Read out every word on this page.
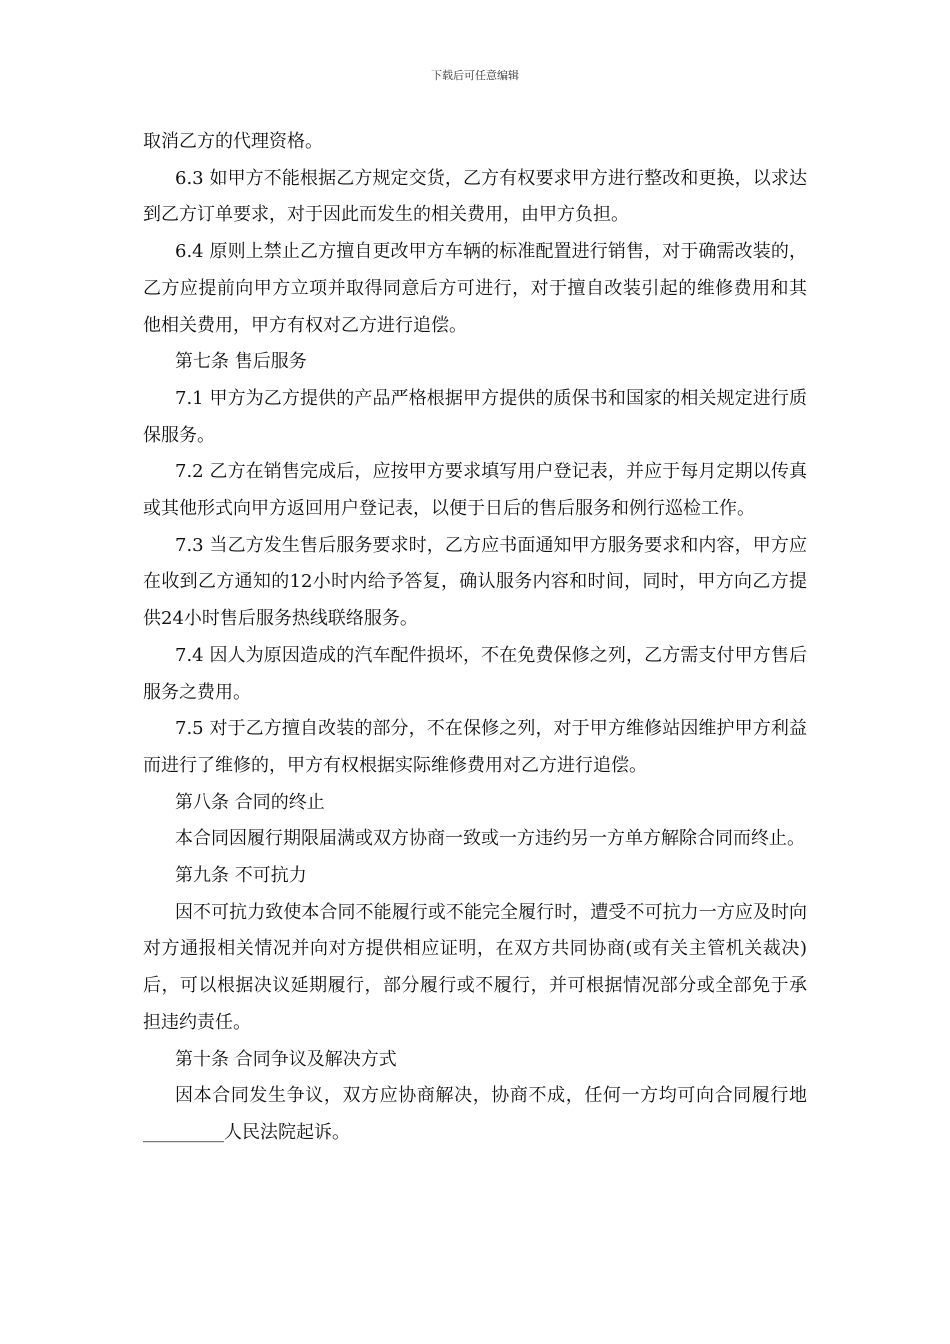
下载后可任意编辑

取消乙方的代理资格。

6.3 如甲方不能根据乙方规定交货，乙方有权要求甲方进行整改和更换，以求达到乙方订单要求，对于因此而发生的相关费用，由甲方负担。

6.4 原则上禁止乙方擅自更改甲方车辆的标准配置进行销售，对于确需改装的，乙方应提前向甲方立项并取得同意后方可进行，对于擅自改装引起的维修费用和其他相关费用，甲方有权对乙方进行追偿。

第七条 售后服务

7.1 甲方为乙方提供的产品严格根据甲方提供的质保书和国家的相关规定进行质保服务。

7.2 乙方在销售完成后，应按甲方要求填写用户登记表，并应于每月定期以传真或其他形式向甲方返回用户登记表，以便于日后的售后服务和例行巡检工作。

7.3 当乙方发生售后服务要求时，乙方应书面通知甲方服务要求和内容，甲方应在收到乙方通知的12小时内给予答复，确认服务内容和时间，同时，甲方向乙方提供24小时售后服务热线联络服务。

7.4 因人为原因造成的汽车配件损坏，不在免费保修之列，乙方需支付甲方售后服务之费用。

7.5 对于乙方擅自改装的部分，不在保修之列，对于甲方维修站因维护甲方利益而进行了维修的，甲方有权根据实际维修费用对乙方进行追偿。

第八条 合同的终止

本合同因履行期限届满或双方协商一致或一方违约另一方单方解除合同而终止。

第九条 不可抗力

因不可抗力致使本合同不能履行或不能完全履行时，遭受不可抗力一方应及时向对方通报相关情况并向对方提供相应证明，在双方共同协商(或有关主管机关裁决)后，可以根据决议延期履行，部分履行或不履行，并可根据情况部分或全部免于承担违约责任。

第十条 合同争议及解决方式

因本合同发生争议，双方应协商解决，协商不成，任何一方均可向合同履行地_________人民法院起诉。
